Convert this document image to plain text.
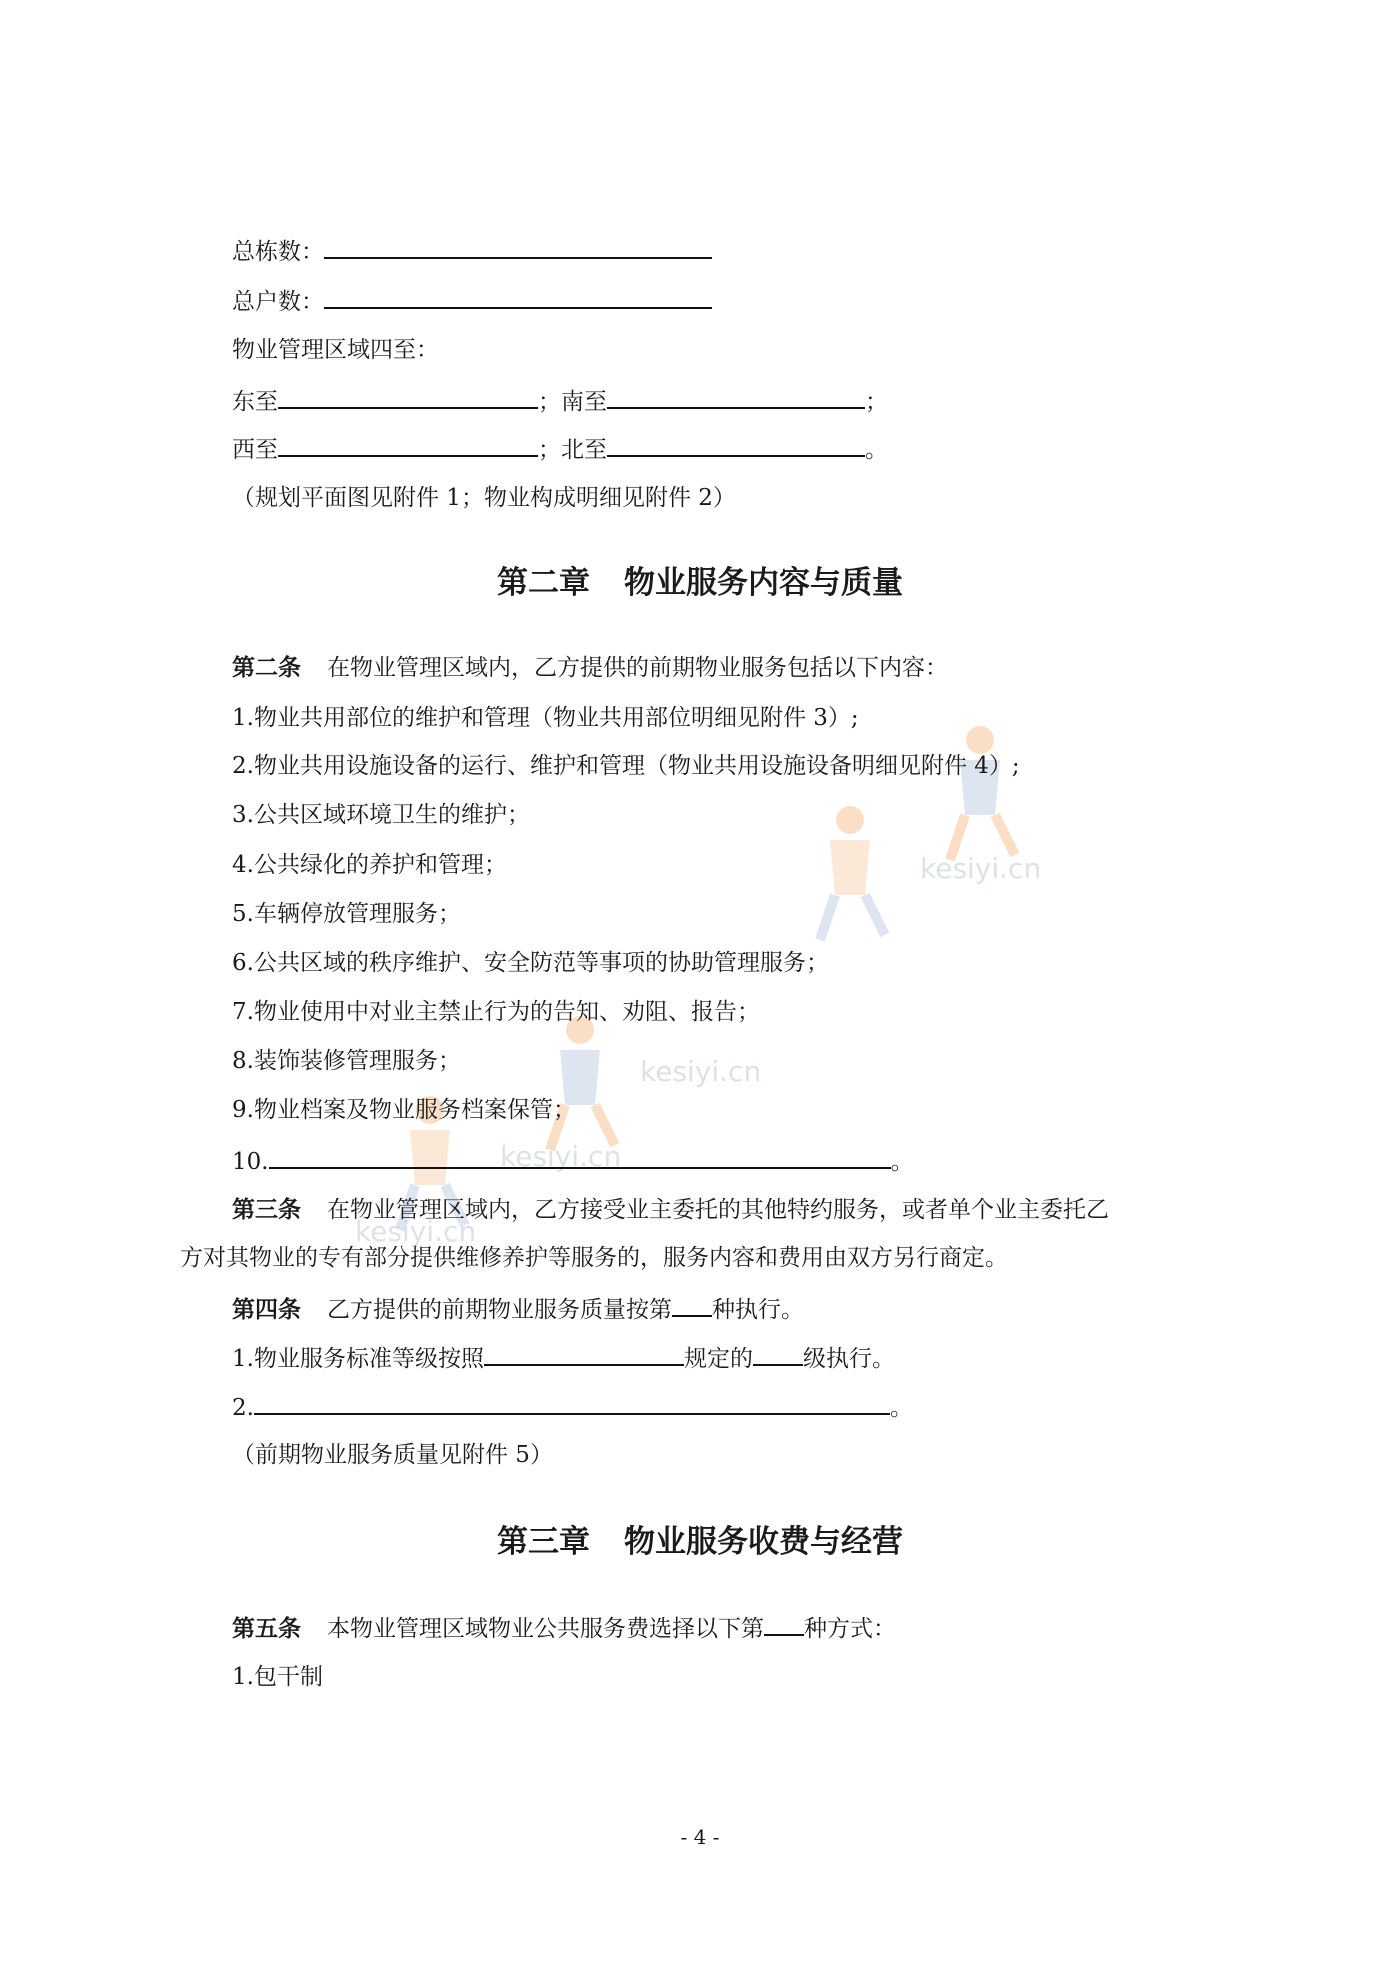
kesiyi.cn
kesiyi.cn
kesiyi.cn
kesiyi.cn
总栋数：
总户数：
物业管理区域四至：
东至	；南至	；
西至	；北至	。
（规划平面图见附件 1；物业构成明细见附件 2）
第二章 物业服务内容与质量
第二条 在物业管理区域内，乙方提供的前期物业服务包括以下内容：
1.物业共用部位的维护和管理（物业共用部位明细见附件 3）;
2.物业共用设施设备的运行、维护和管理（物业共用设施设备明细见附件 4）;
3.公共区域环境卫生的维护；
4.公共绿化的养护和管理；
5.车辆停放管理服务；
6.公共区域的秩序维护、安全防范等事项的协助管理服务；
7.物业使用中对业主禁止行为的告知、劝阻、报告；
8.装饰装修管理服务；
9.物业档案及物业服务档案保管；
10.	。
第三条 在物业管理区域内，乙方接受业主委托的其他特约服务，或者单个业主委托乙
方对其物业的专有部分提供维修养护等服务的，服务内容和费用由双方另行商定。
第四条 乙方提供的前期物业服务质量按第 种执行。
1.物业服务标准等级按照	规定的 级执行。
2.	。
（前期物业服务质量见附件 5）
第三章 物业服务收费与经营
第五条 本物业管理区域物业公共服务费选择以下第 种方式：
1.包干制
- 4 -
